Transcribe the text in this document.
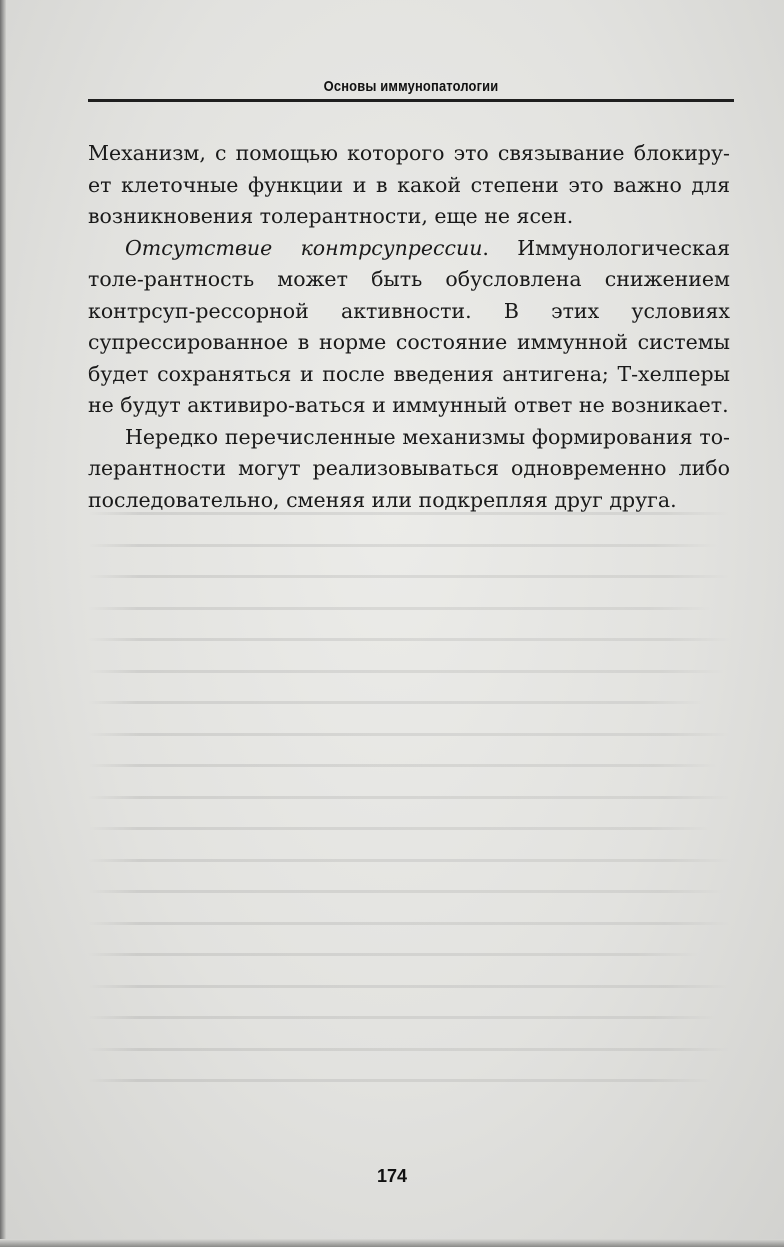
Основы иммунопатологии

Механизм, с помощью которого это связывание блокиру-ет клеточные функции и в какой степени это важно для возникновения толерантности, еще не ясен.

Отсутствие контрсупрессии. Иммунологическая толе-рантность может быть обусловлена снижением контрсуп-рессорной активности. В этих условиях супрессированное в норме состояние иммунной системы будет сохраняться и после введения антигена; Т-хелперы не будут активиро-ваться и иммунный ответ не возникает.

Нередко перечисленные механизмы формирования то-лерантности могут реализовываться одновременно либо последовательно, сменяя или подкрепляя друг друга.

174
